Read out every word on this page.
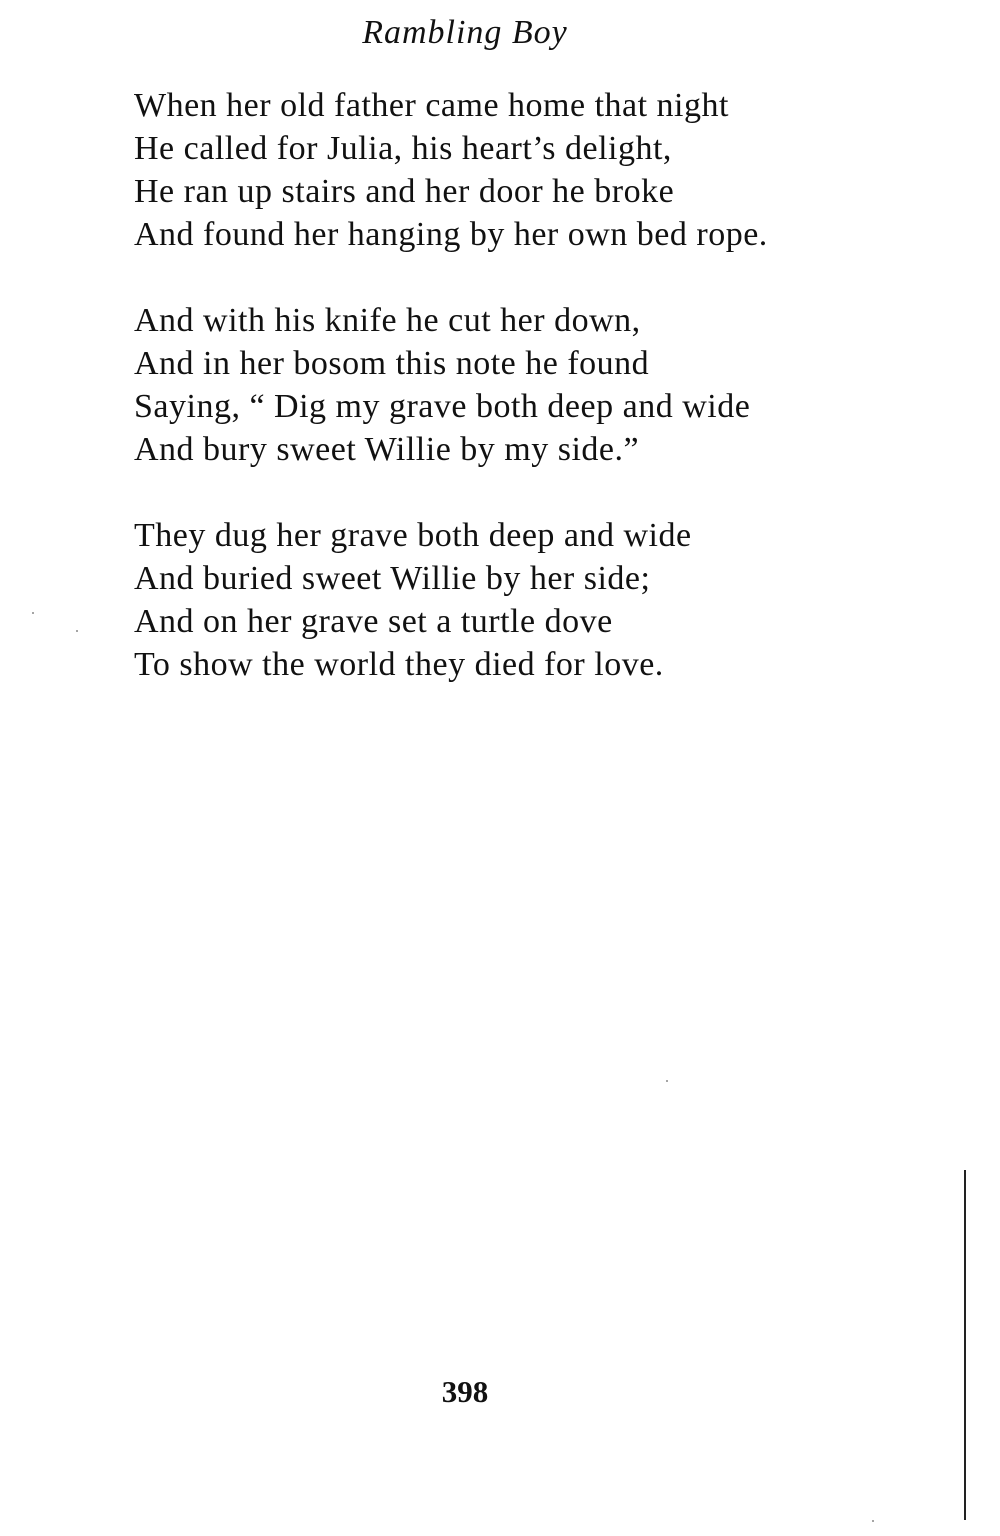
Rambling Boy
When her old father came home that night
He called for Julia, his heart’s delight,
He ran up stairs and her door he broke
And found her hanging by her own bed rope.
And with his knife he cut her down,
And in her bosom this note he found
Saying, “ Dig my grave both deep and wide
And bury sweet Willie by my side.”
They dug her grave both deep and wide
And buried sweet Willie by her side;
And on her grave set a turtle dove
To show the world they died for love.
398
